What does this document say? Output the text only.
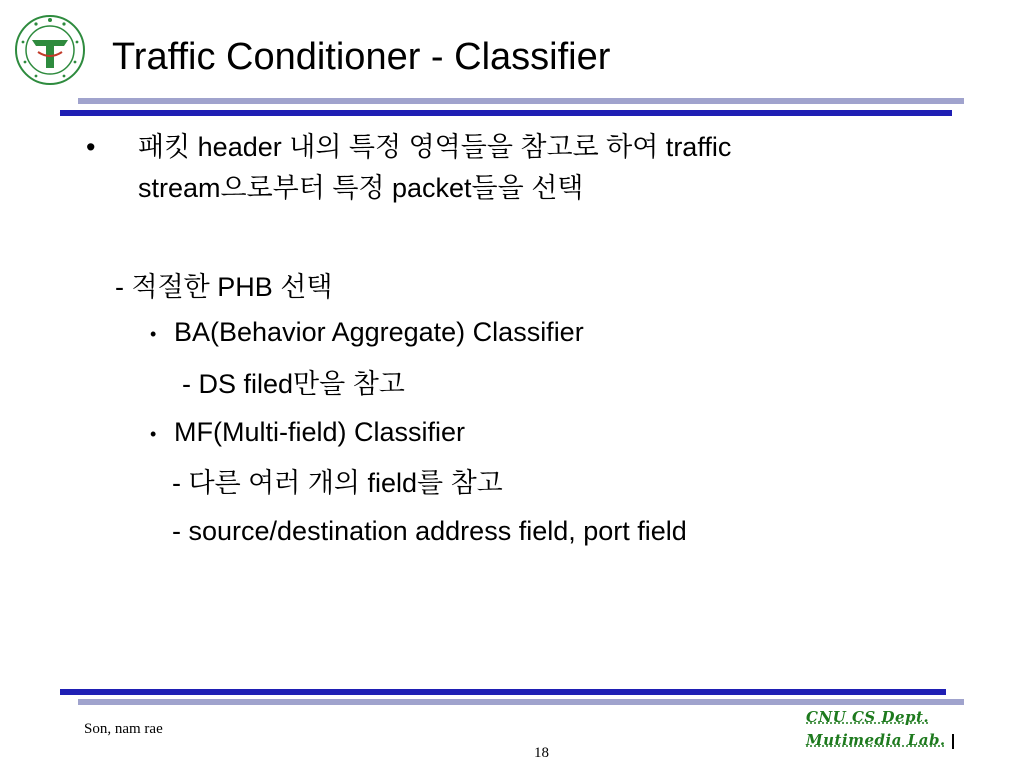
Traffic Conditioner - Classifier
• 패킷 header 내의 특정 영역들을 참고로 하여 traffic
stream으로부터 특정 packet들을 선택
- 적절한 PHB 선택
• BA(Behavior Aggregate) Classifier
- DS filed만을 참고
• MF(Multi-field) Classifier
- 다른 여러 개의 field를 참고
- source/destination address field, port field
Son, nam rae
18
CNU CS Dept.
Mutimedia Lab.
